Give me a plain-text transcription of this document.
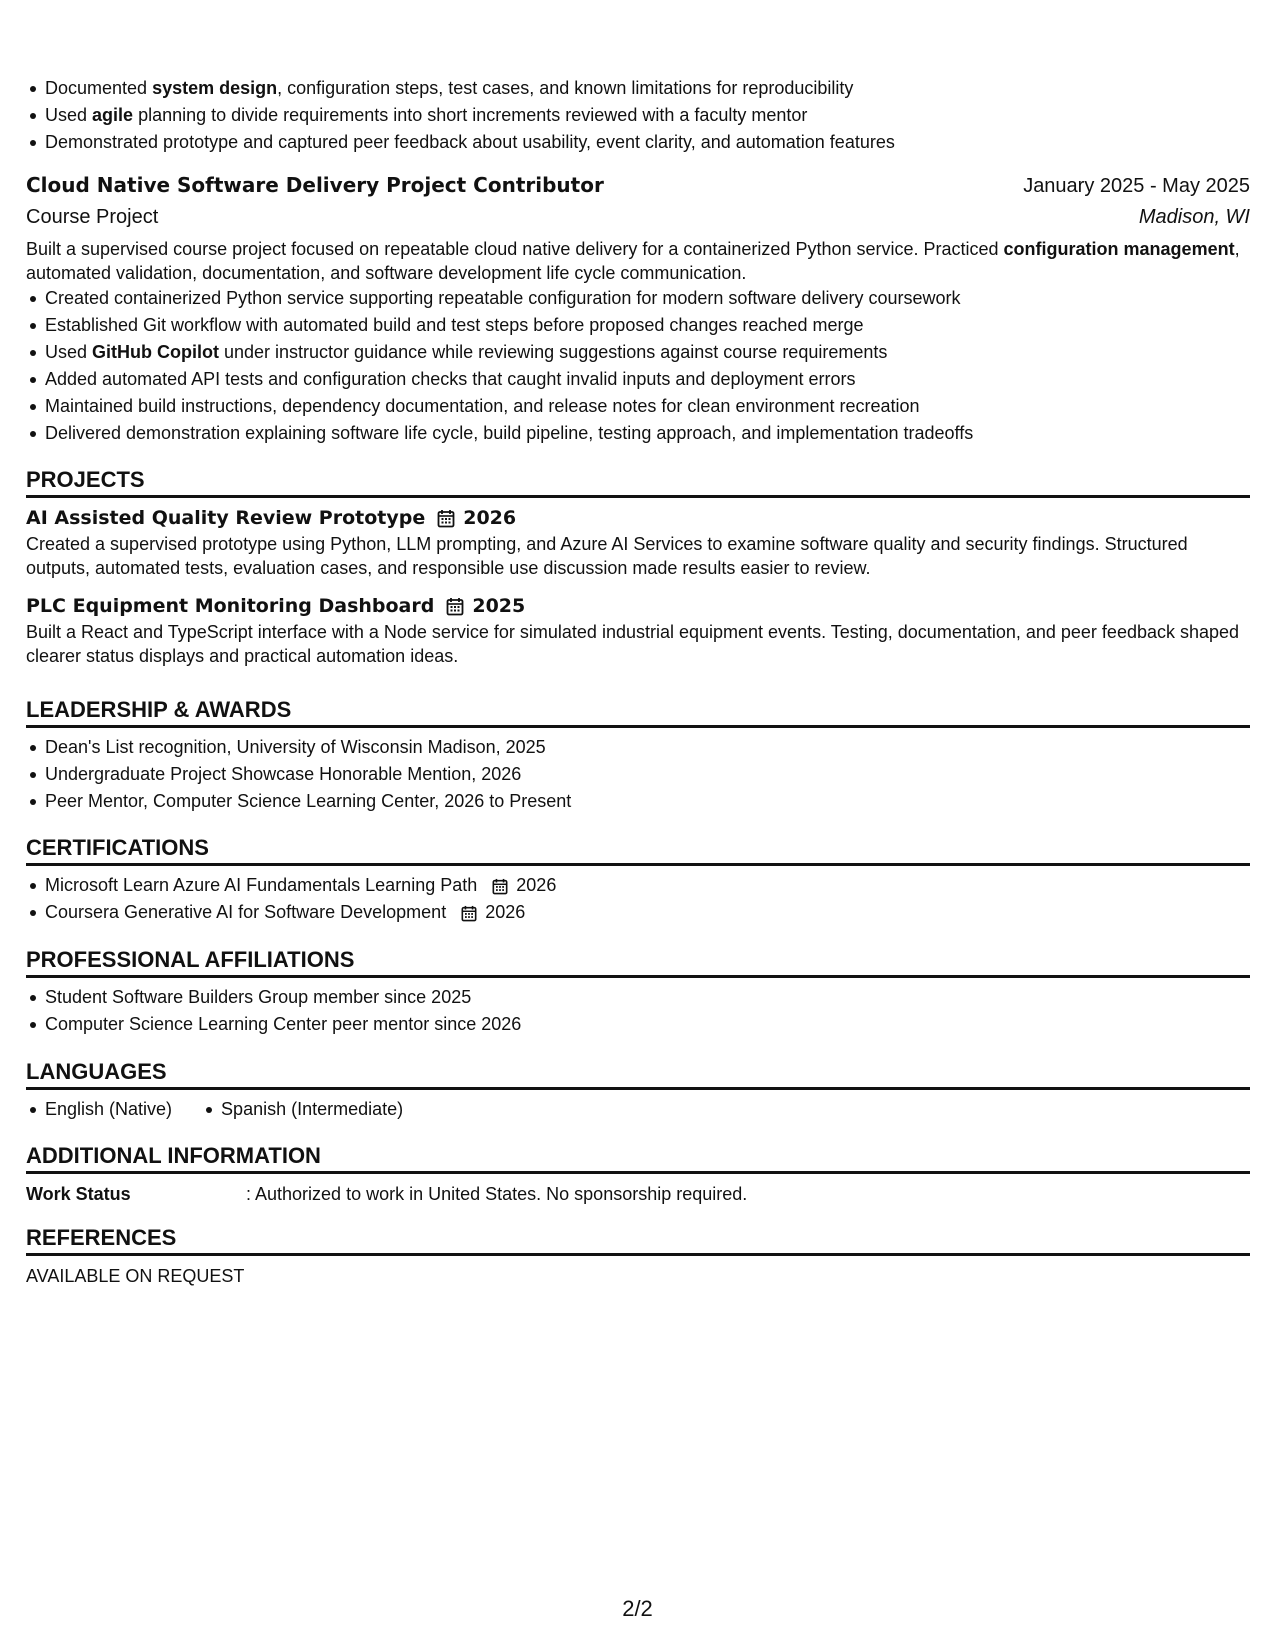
Documented system design, configuration steps, test cases, and known limitations for reproducibility
Used agile planning to divide requirements into short increments reviewed with a faculty mentor
Demonstrated prototype and captured peer feedback about usability, event clarity, and automation features
Cloud Native Software Delivery Project Contributor	January 2025 - May 2025
Course Project	Madison, WI
Built a supervised course project focused on repeatable cloud native delivery for a containerized Python service. Practiced configuration management, automated validation, documentation, and software development life cycle communication.
Created containerized Python service supporting repeatable configuration for modern software delivery coursework
Established Git workflow with automated build and test steps before proposed changes reached merge
Used GitHub Copilot under instructor guidance while reviewing suggestions against course requirements
Added automated API tests and configuration checks that caught invalid inputs and deployment errors
Maintained build instructions, dependency documentation, and release notes for clean environment recreation
Delivered demonstration explaining software life cycle, build pipeline, testing approach, and implementation tradeoffs
PROJECTS
AI Assisted Quality Review Prototype 2026
Created a supervised prototype using Python, LLM prompting, and Azure AI Services to examine software quality and security findings. Structured outputs, automated tests, evaluation cases, and responsible use discussion made results easier to review.
PLC Equipment Monitoring Dashboard 2025
Built a React and TypeScript interface with a Node service for simulated industrial equipment events. Testing, documentation, and peer feedback shaped clearer status displays and practical automation ideas.
LEADERSHIP & AWARDS
Dean's List recognition, University of Wisconsin Madison, 2025
Undergraduate Project Showcase Honorable Mention, 2026
Peer Mentor, Computer Science Learning Center, 2026 to Present
CERTIFICATIONS
Microsoft Learn Azure AI Fundamentals Learning Path 2026
Coursera Generative AI for Software Development 2026
PROFESSIONAL AFFILIATIONS
Student Software Builders Group member since 2025
Computer Science Learning Center peer mentor since 2026
LANGUAGES
English (Native)	Spanish (Intermediate)
ADDITIONAL INFORMATION
Work Status	: Authorized to work in United States. No sponsorship required.
REFERENCES
AVAILABLE ON REQUEST
2/2
